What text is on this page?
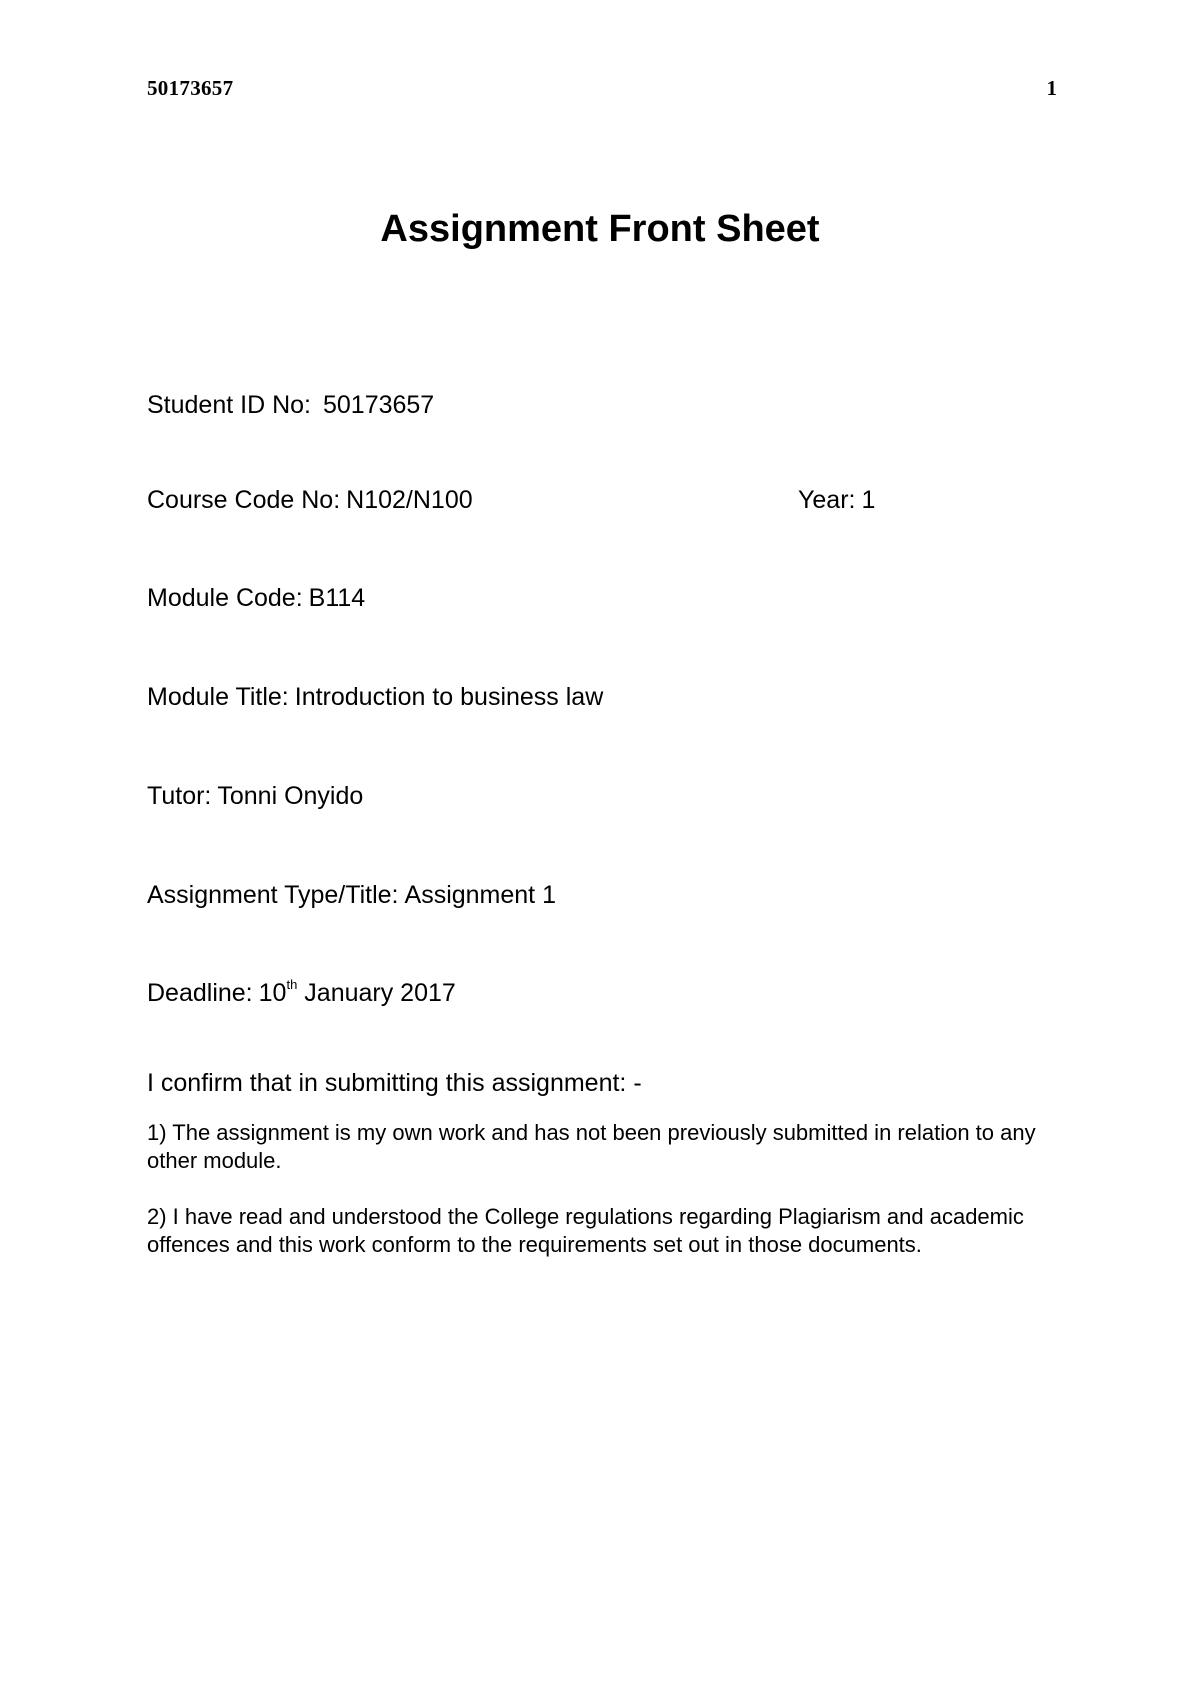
50173657	1
Assignment Front Sheet
Student ID No: 50173657
Course Code No: N102/N100	Year: 1
Module Code: B114
Module Title: Introduction to business law
Tutor: Tonni Onyido
Assignment Type/Title: Assignment 1
Deadline: 10th January 2017
I confirm that in submitting this assignment: -

1) The assignment is my own work and has not been previously submitted in relation to any other module.

2) I have read and understood the College regulations regarding Plagiarism and academic offences and this work conform to the requirements set out in those documents.
